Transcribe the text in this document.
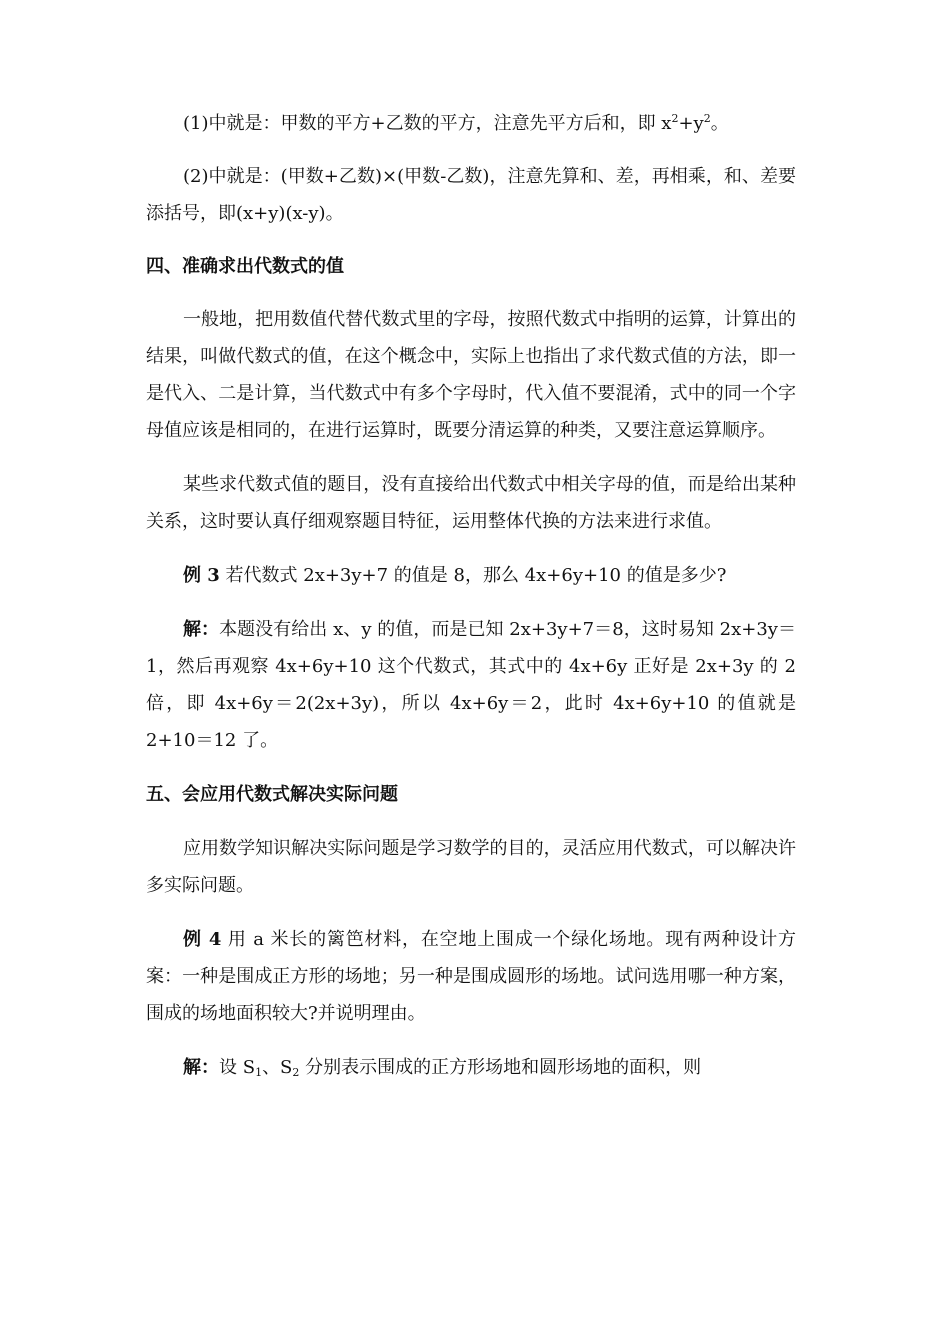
(1)中就是：甲数的平方+乙数的平方，注意先平方后和，即 $x^2+y^2$。

(2)中就是：(甲数+乙数)×(甲数-乙数)，注意先算和、差，再相乘，和、差要添括号，即(x+y)(x-y)。

四、准确求出代数式的值

一般地，把用数值代替代数式里的字母，按照代数式中指明的运算，计算出的结果，叫做代数式的值，在这个概念中，实际上也指出了求代数式值的方法，即一是代入、二是计算，当代数式中有多个字母时，代入值不要混淆，式中的同一个字母值应该是相同的，在进行运算时，既要分清运算的种类，又要注意运算顺序。

某些求代数式值的题目，没有直接给出代数式中相关字母的值，而是给出某种关系，这时要认真仔细观察题目特征，运用整体代换的方法来进行求值。

例 3 若代数式 2x+3y+7 的值是 8，那么 4x+6y+10 的值是多少?

解：本题没有给出 x、y 的值，而是已知 2x+3y+7＝8，这时易知 2x+3y＝1，然后再观察 4x+6y+10 这个代数式，其式中的 4x+6y 正好是 2x+3y 的 2 倍，即 4x+6y＝2(2x+3y)，所以 4x+6y＝2，此时 4x+6y+10 的值就是 2+10＝12 了。

五、会应用代数式解决实际问题

应用数学知识解决实际问题是学习数学的目的，灵活应用代数式，可以解决许多实际问题。

例 4 用 a 米长的篱笆材料，在空地上围成一个绿化场地。现有两种设计方案：一种是围成正方形的场地；另一种是围成圆形的场地。试问选用哪一种方案，围成的场地面积较大?并说明理由。

解：设 $S_1$、$S_2$ 分别表示围成的正方形场地和圆形场地的面积，则
